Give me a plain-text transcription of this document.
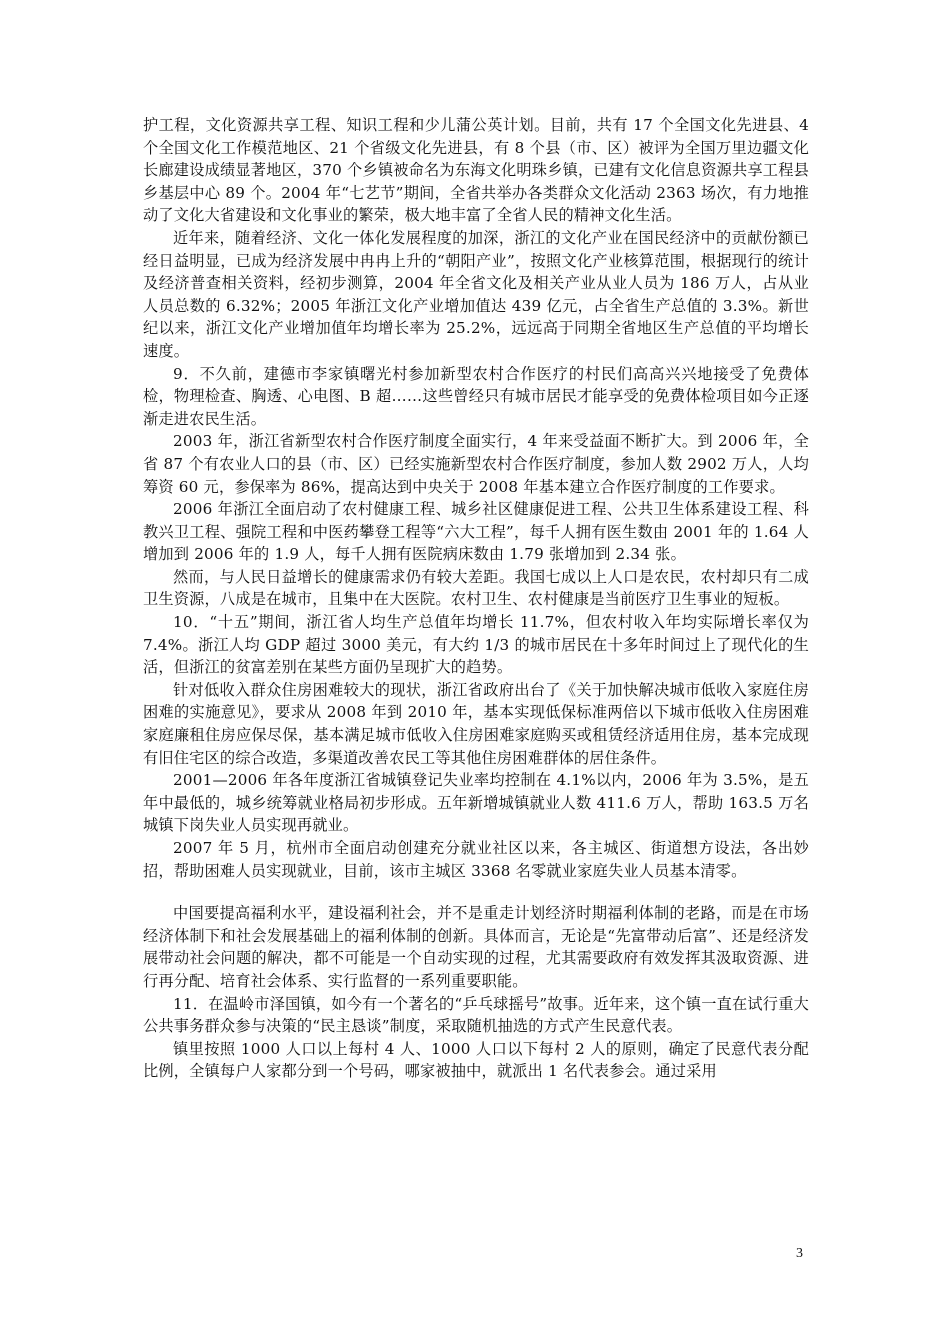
护工程，文化资源共享工程、知识工程和少儿蒲公英计划。目前，共有 17 个全国文化先进县、4 个全国文化工作模范地区、21 个省级文化先进县，有 8 个县（市、区）被评为全国万里边疆文化长廊建设成绩显著地区，370 个乡镇被命名为东海文化明珠乡镇，已建有文化信息资源共享工程县乡基层中心 89 个。2004 年“七艺节”期间，全省共举办各类群众文化活动 2363 场次，有力地推动了文化大省建设和文化事业的繁荣，极大地丰富了全省人民的精神文化生活。

近年来，随着经济、文化一体化发展程度的加深，浙江的文化产业在国民经济中的贡献份额已经日益明显，已成为经济发展中冉冉上升的“朝阳产业”，按照文化产业核算范围，根据现行的统计及经济普查相关资料，经初步测算，2004 年全省文化及相关产业从业人员为 186 万人，占从业人员总数的 6.32%；2005 年浙江文化产业增加值达 439 亿元，占全省生产总值的 3.3%。新世纪以来，浙江文化产业增加值年均增长率为 25.2%，远远高于同期全省地区生产总值的平均增长速度。

9．不久前，建德市李家镇曙光村参加新型农村合作医疗的村民们高高兴兴地接受了免费体检，物理检查、胸透、心电图、B 超……这些曾经只有城市居民才能享受的免费体检项目如今正逐渐走进农民生活。

2003 年，浙江省新型农村合作医疗制度全面实行，4 年来受益面不断扩大。到 2006 年，全省 87 个有农业人口的县（市、区）已经实施新型农村合作医疗制度，参加人数 2902 万人，人均筹资 60 元，参保率为 86%，提高达到中央关于 2008 年基本建立合作医疗制度的工作要求。

2006 年浙江全面启动了农村健康工程、城乡社区健康促进工程、公共卫生体系建设工程、科教兴卫工程、强院工程和中医药攀登工程等“六大工程”，每千人拥有医生数由 2001 年的 1.64 人增加到 2006 年的 1.9 人，每千人拥有医院病床数由 1.79 张增加到 2.34 张。

然而，与人民日益增长的健康需求仍有较大差距。我国七成以上人口是农民，农村却只有二成卫生资源，八成是在城市，且集中在大医院。农村卫生、农村健康是当前医疗卫生事业的短板。

10．“十五”期间，浙江省人均生产总值年均增长 11.7%，但农村收入年均实际增长率仅为 7.4%。浙江人均 GDP 超过 3000 美元，有大约 1/3 的城市居民在十多年时间过上了现代化的生活，但浙江的贫富差别在某些方面仍呈现扩大的趋势。

针对低收入群众住房困难较大的现状，浙江省政府出台了《关于加快解决城市低收入家庭住房困难的实施意见》，要求从 2008 年到 2010 年，基本实现低保标准两倍以下城市低收入住房困难家庭廉租住房应保尽保，基本满足城市低收入住房困难家庭购买或租赁经济适用住房，基本完成现有旧住宅区的综合改造，多渠道改善农民工等其他住房困难群体的居住条件。

2001—2006 年各年度浙江省城镇登记失业率均控制在 4.1%以内，2006 年为 3.5%，是五年中最低的，城乡统筹就业格局初步形成。五年新增城镇就业人数 411.6 万人，帮助 163.5 万名城镇下岗失业人员实现再就业。

2007 年 5 月，杭州市全面启动创建充分就业社区以来，各主城区、街道想方设法，各出妙招，帮助困难人员实现就业，目前，该市主城区 3368 名零就业家庭失业人员基本清零。

中国要提高福利水平，建设福利社会，并不是重走计划经济时期福利体制的老路，而是在市场经济体制下和社会发展基础上的福利体制的创新。具体而言，无论是“先富带动后富”、还是经济发展带动社会问题的解决，都不可能是一个自动实现的过程，尤其需要政府有效发挥其汲取资源、进行再分配、培育社会体系、实行监督的一系列重要职能。

11．在温岭市泽国镇，如今有一个著名的“乒乓球摇号”故事。近年来，这个镇一直在试行重大公共事务群众参与决策的“民主恳谈”制度，采取随机抽选的方式产生民意代表。

镇里按照 1000 人口以上每村 4 人、1000 人口以下每村 2 人的原则，确定了民意代表分配比例，全镇每户人家都分到一个号码，哪家被抽中，就派出 1 名代表参会。通过采用

3
